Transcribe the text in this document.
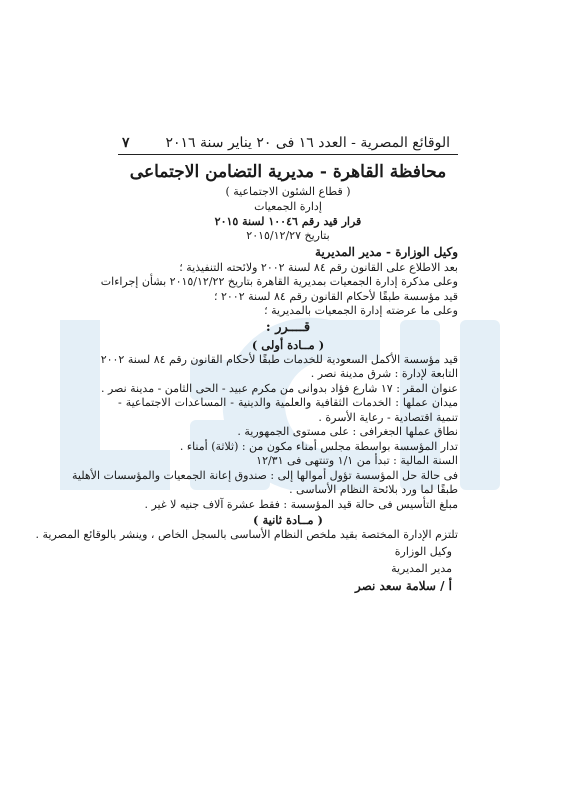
الوقائع المصرية - العدد ١٦ فى ٢٠ يناير سنة ٢٠١٦
٧
محافظة القاهرة - مديرية التضامن الاجتماعى
( قطاع الشئون الاجتماعية )
إدارة الجمعيات
قرار قيد رقم ١٠٠٤٦ لسنة ٢٠١٥
بتاريخ ٢٠١٥/١٢/٢٧
وكيل الوزارة - مدير المديرية
بعد الاطلاع على القانون رقم ٨٤ لسنة ٢٠٠٢ ولائحته التنفيذية ؛
وعلى مذكرة إدارة الجمعيات بمديرية القاهرة بتاريخ ٢٠١٥/١٢/٢٢ بشأن إجراءات
قيد مؤسسة طبقًا لأحكام القانون رقم ٨٤ لسنة ٢٠٠٢ ؛
وعلى ما عرضته إدارة الجمعيات بالمديرية ؛
قــــرر :
( مــادة أولى )
قيد مؤسسة الأكمل السعودية للخدمات طبقًا لأحكام القانون رقم ٨٤ لسنة ٢٠٠٢
التابعة لإدارة : شرق مدينة نصر .
عنوان المقر : ١٧ شارع فؤاد بدوانى من مكرم عبيد - الحى الثامن - مدينة نصر .
ميدان عملها : الخدمات الثقافية والعلمية والدينية - المساعدات الاجتماعية -
تنمية اقتصادية - رعاية الأسرة .
نطاق عملها الجغرافى : على مستوى الجمهورية .
تدار المؤسسة بواسطة مجلس أمناء مكون من : (ثلاثة) أمناء .
السنة المالية : تبدأ من ١/١ وتنتهى فى ١٢/٣١
فى حالة حل المؤسسة تؤول أموالها إلى : صندوق إعانة الجمعيات والمؤسسات الأهلية
طبقًا لما ورد بلائحة النظام الأساسى .
مبلغ التأسيس فى حالة قيد المؤسسة : فقط عشرة آلاف جنيه لا غير .
( مــادة ثانية )
تلتزم الإدارة المختصة بقيد ملخص النظام الأساسى بالسجل الخاص ، وينشر بالوقائع المصرية .
وكيل الوزارة
مدير المديرية
أ / سلامة سعد نصر
